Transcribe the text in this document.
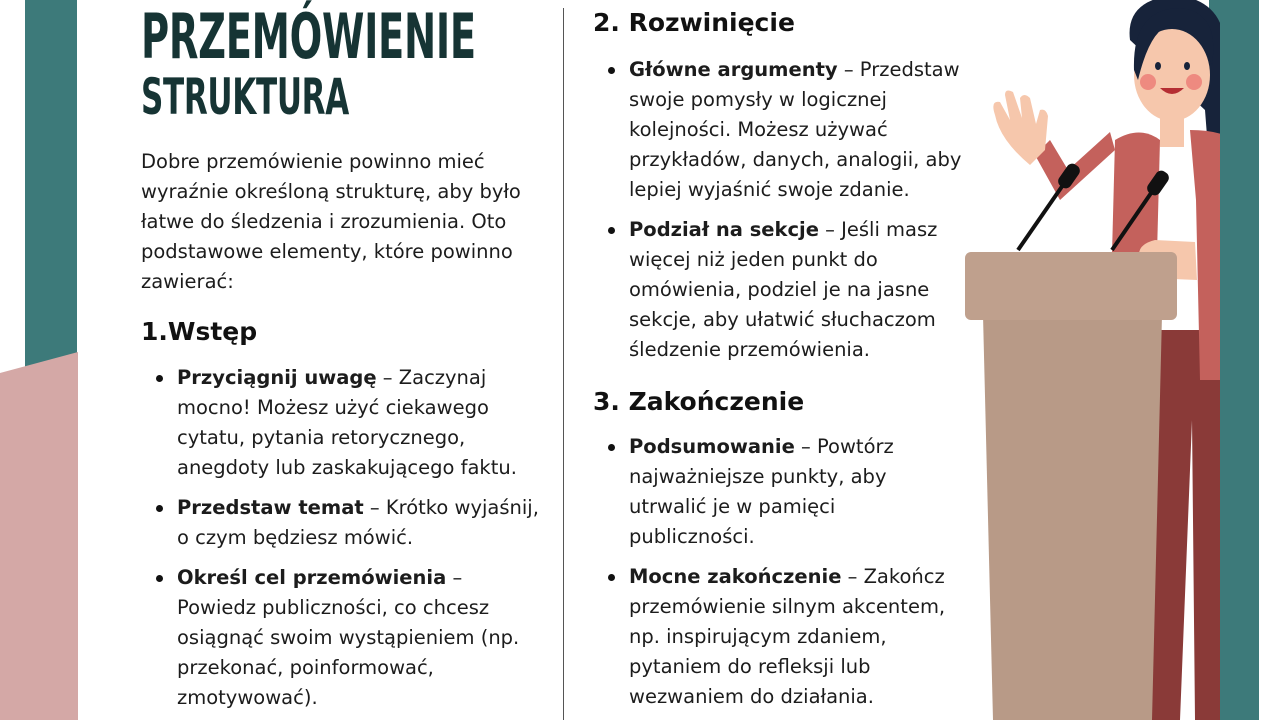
PRZEMÓWIENIE
STRUKTURA

Dobre przemówienie powinno mieć wyraźnie określoną strukturę, aby było łatwe do śledzenia i zrozumienia. Oto podstawowe elementy, które powinno zawierać:

1.Wstęp
Przyciągnij uwagę – Zaczynaj mocno! Możesz użyć ciekawego cytatu, pytania retorycznego, anegdoty lub zaskakującego faktu.
Przedstaw temat – Krótko wyjaśnij, o czym będziesz mówić.
Określ cel przemówienia – Powiedz publiczności, co chcesz osiągnąć swoim wystąpieniem (np. przekonać, poinformować, zmotywować).
2. Rozwinięcie
Główne argumenty – Przedstaw swoje pomysły w logicznej kolejności. Możesz używać przykładów, danych, analogii, aby lepiej wyjaśnić swoje zdanie.
Podział na sekcje – Jeśli masz więcej niż jeden punkt do omówienia, podziel je na jasne sekcje, aby ułatwić słuchaczom śledzenie przemówienia.
3. Zakończenie
Podsumowanie – Powtórz najważniejsze punkty, aby utrwalić je w pamięci publiczności.
Mocne zakończenie – Zakończ przemówienie silnym akcentem, np. inspirującym zdaniem, pytaniem do refleksji lub wezwaniem do działania.
